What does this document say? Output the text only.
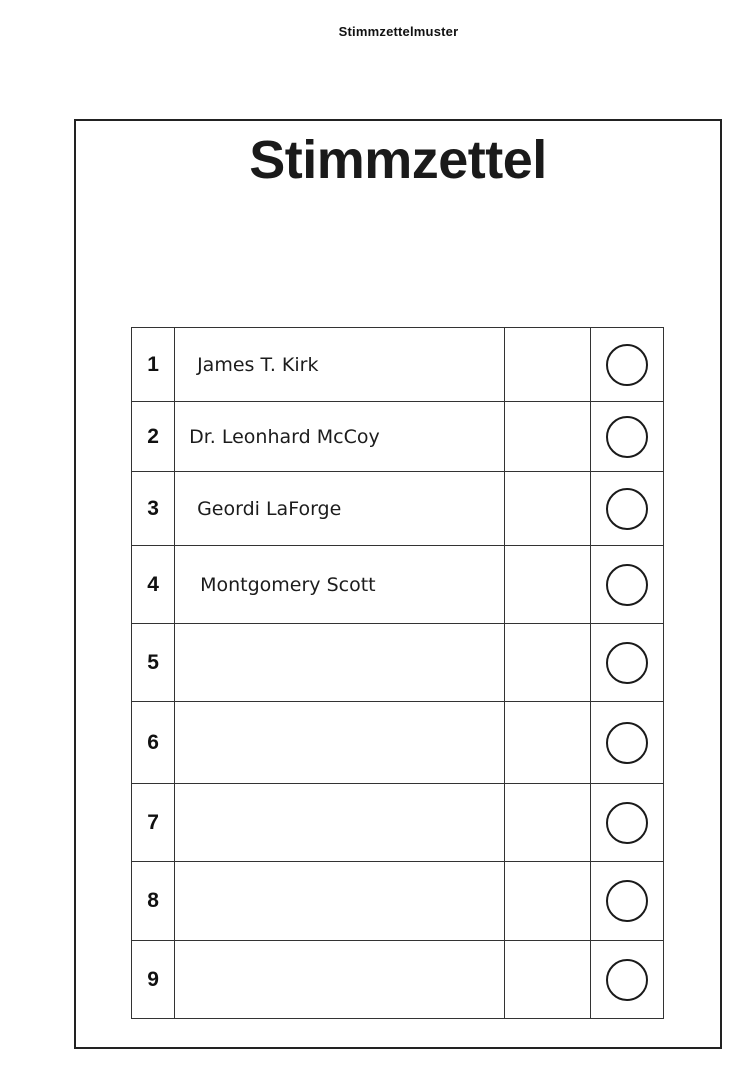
Stimmzettelmuster
Stimmzettel
1	James T. Kirk		
2	Dr. Leonhard McCoy		
3	Geordi LaForge		
4	Montgomery Scott		
5			
6			
7			
8			
9			
